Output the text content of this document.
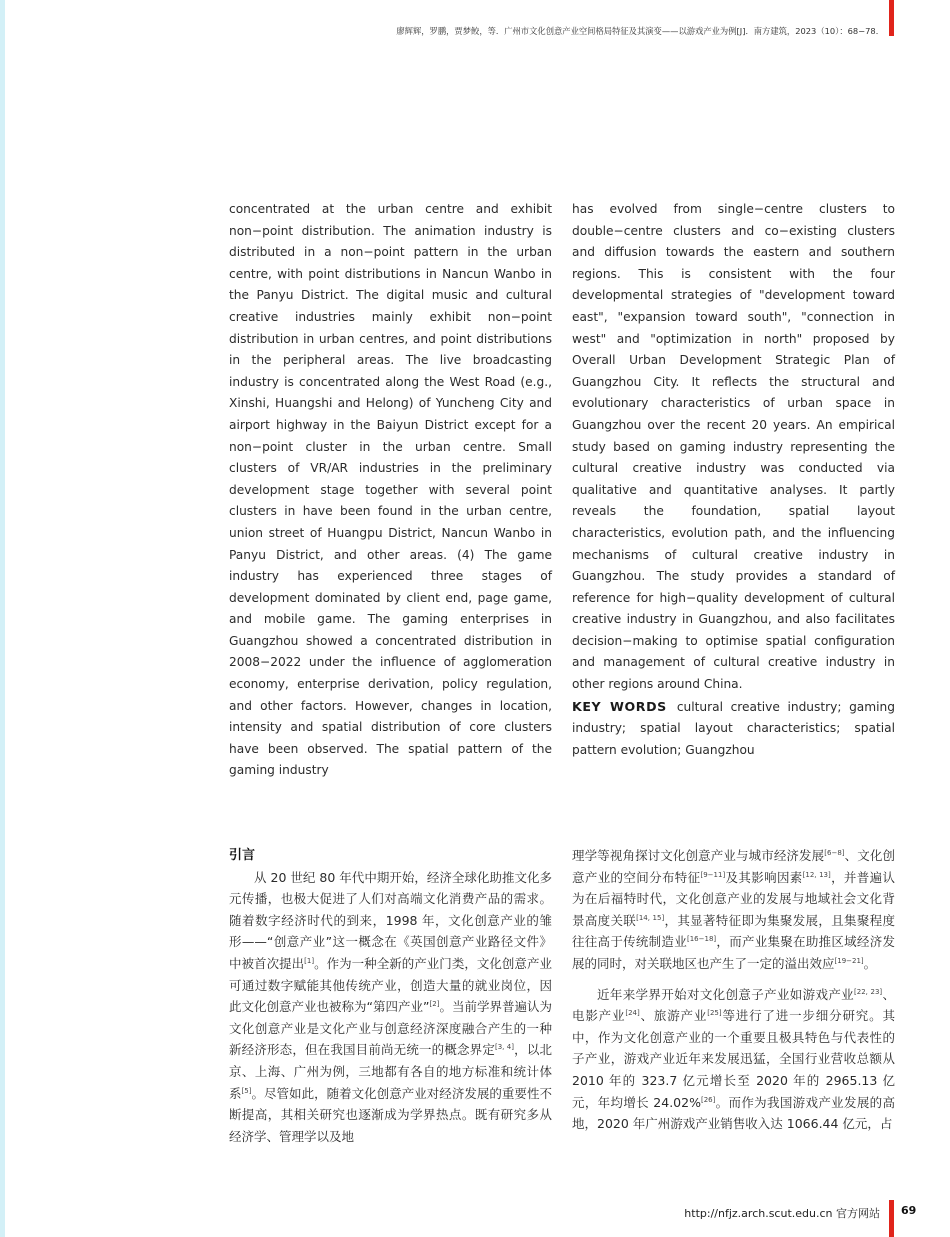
廖辉辉，罗鹏，贾梦鲛，等．广州市文化创意产业空间格局特征及其演变——以游戏产业为例[J]．南方建筑，2023（10）：68−78．

concentrated at the urban centre and exhibit non−point distribution. The animation industry is distributed in a non−point pattern in the urban centre, with point distributions in Nancun Wanbo in the Panyu District. The digital music and cultural creative industries mainly exhibit non−point distribution in urban centres, and point distributions in the peripheral areas. The live broadcasting industry is concentrated along the West Road (e.g., Xinshi, Huangshi and Helong) of Yuncheng City and airport highway in the Baiyun District except for a non−point cluster in the urban centre. Small clusters of VR/AR industries in the preliminary development stage together with several point clusters in have been found in the urban centre, union street of Huangpu District, Nancun Wanbo in Panyu District, and other areas. (4) The game industry has experienced three stages of development dominated by client end, page game, and mobile game. The gaming enterprises in Guangzhou showed a concentrated distribution in 2008−2022 under the influence of agglomeration economy, enterprise derivation, policy regulation, and other factors. However, changes in location, intensity and spatial distribution of core clusters have been observed. The spatial pattern of the gaming industry

has evolved from single−centre clusters to double−centre clusters and co−existing clusters and diffusion towards the eastern and southern regions. This is consistent with the four developmental strategies of "development toward east", "expansion toward south", "connection in west" and "optimization in north" proposed by Overall Urban Development Strategic Plan of Guangzhou City. It reflects the structural and evolutionary characteristics of urban space in Guangzhou over the recent 20 years. An empirical study based on gaming industry representing the cultural creative industry was conducted via qualitative and quantitative analyses. It partly reveals the foundation, spatial layout characteristics, evolution path, and the influencing mechanisms of cultural creative industry in Guangzhou. The study provides a standard of reference for high−quality development of cultural creative industry in Guangzhou, and also facilitates decision−making to optimise spatial configuration and management of cultural creative industry in other regions around China.

KEY WORDS cultural creative industry; gaming industry; spatial layout characteristics; spatial pattern evolution; Guangzhou

引言

从 20 世纪 80 年代中期开始，经济全球化助推文化多元传播，也极大促进了人们对高端文化消费产品的需求。随着数字经济时代的到来，1998 年，文化创意产业的雏形——“创意产业”这一概念在《英国创意产业路径文件》中被首次提出[1]。作为一种全新的产业门类，文化创意产业可通过数字赋能其他传统产业，创造大量的就业岗位，因此文化创意产业也被称为“第四产业”[2]。当前学界普遍认为文化创意产业是文化产业与创意经济深度融合产生的一种新经济形态，但在我国目前尚无统一的概念界定[3, 4]，以北京、上海、广州为例，三地都有各自的地方标准和统计体系[5]。尽管如此，随着文化创意产业对经济发展的重要性不断提高，其相关研究也逐渐成为学界热点。既有研究多从经济学、管理学以及地

理学等视角探讨文化创意产业与城市经济发展[6−8]、文化创意产业的空间分布特征[9−11]及其影响因素[12, 13]，并普遍认为在后福特时代，文化创意产业的发展与地域社会文化背景高度关联[14, 15]，其显著特征即为集聚发展，且集聚程度往往高于传统制造业[16−18]，而产业集聚在助推区域经济发展的同时，对关联地区也产生了一定的溢出效应[19−21]。

近年来学界开始对文化创意子产业如游戏产业[22, 23]、电影产业[24]、旅游产业[25]等进行了进一步细分研究。其中，作为文化创意产业的一个重要且极具特色与代表性的子产业，游戏产业近年来发展迅猛，全国行业营收总额从 2010 年的 323.7 亿元增长至 2020 年的 2965.13 亿元，年均增长 24.02%[26]。而作为我国游戏产业发展的高地，2020 年广州游戏产业销售收入达 1066.44 亿元，占

http://nfjz.arch.scut.edu.cn 官方网站 69
